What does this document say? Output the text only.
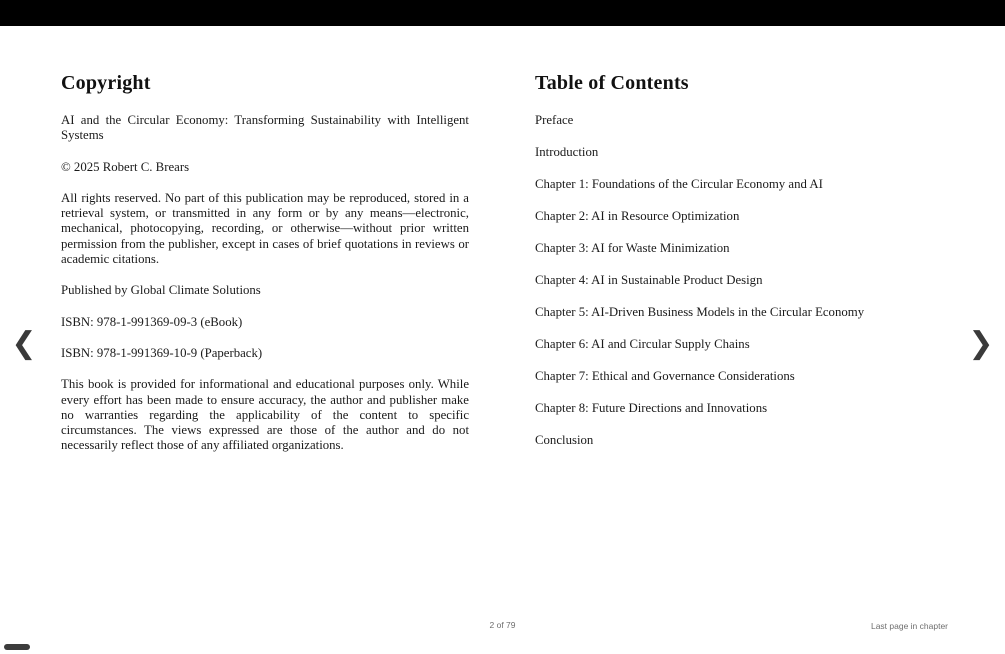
❮
Copyright

AI and the Circular Economy: Transforming Sustainability with Intelligent Systems

© 2025 Robert C. Brears

All rights reserved. No part of this publication may be reproduced, stored in a retrieval system, or transmitted in any form or by any means—electronic, mechanical, photocopying, recording, or otherwise—without prior written permission from the publisher, except in cases of brief quotations in reviews or academic citations.

Published by Global Climate Solutions

ISBN: 978-1-991369-09-3 (eBook)

ISBN: 978-1-991369-10-9 (Paperback)

This book is provided for informational and educational purposes only. While every effort has been made to ensure accuracy, the author and publisher make no warranties regarding the applicability of the content to specific circumstances. The views expressed are those of the author and do not necessarily reflect those of any affiliated organizations.

Table of Contents
Preface
Introduction
Chapter 1: Foundations of the Circular Economy and AI
Chapter 2: AI in Resource Optimization
Chapter 3: AI for Waste Minimization
Chapter 4: AI in Sustainable Product Design
Chapter 5: AI-Driven Business Models in the Circular Economy
Chapter 6: AI and Circular Supply Chains
Chapter 7: Ethical and Governance Considerations
Chapter 8: Future Directions and Innovations
Conclusion
❯
2 of 79	Last page in chapter
